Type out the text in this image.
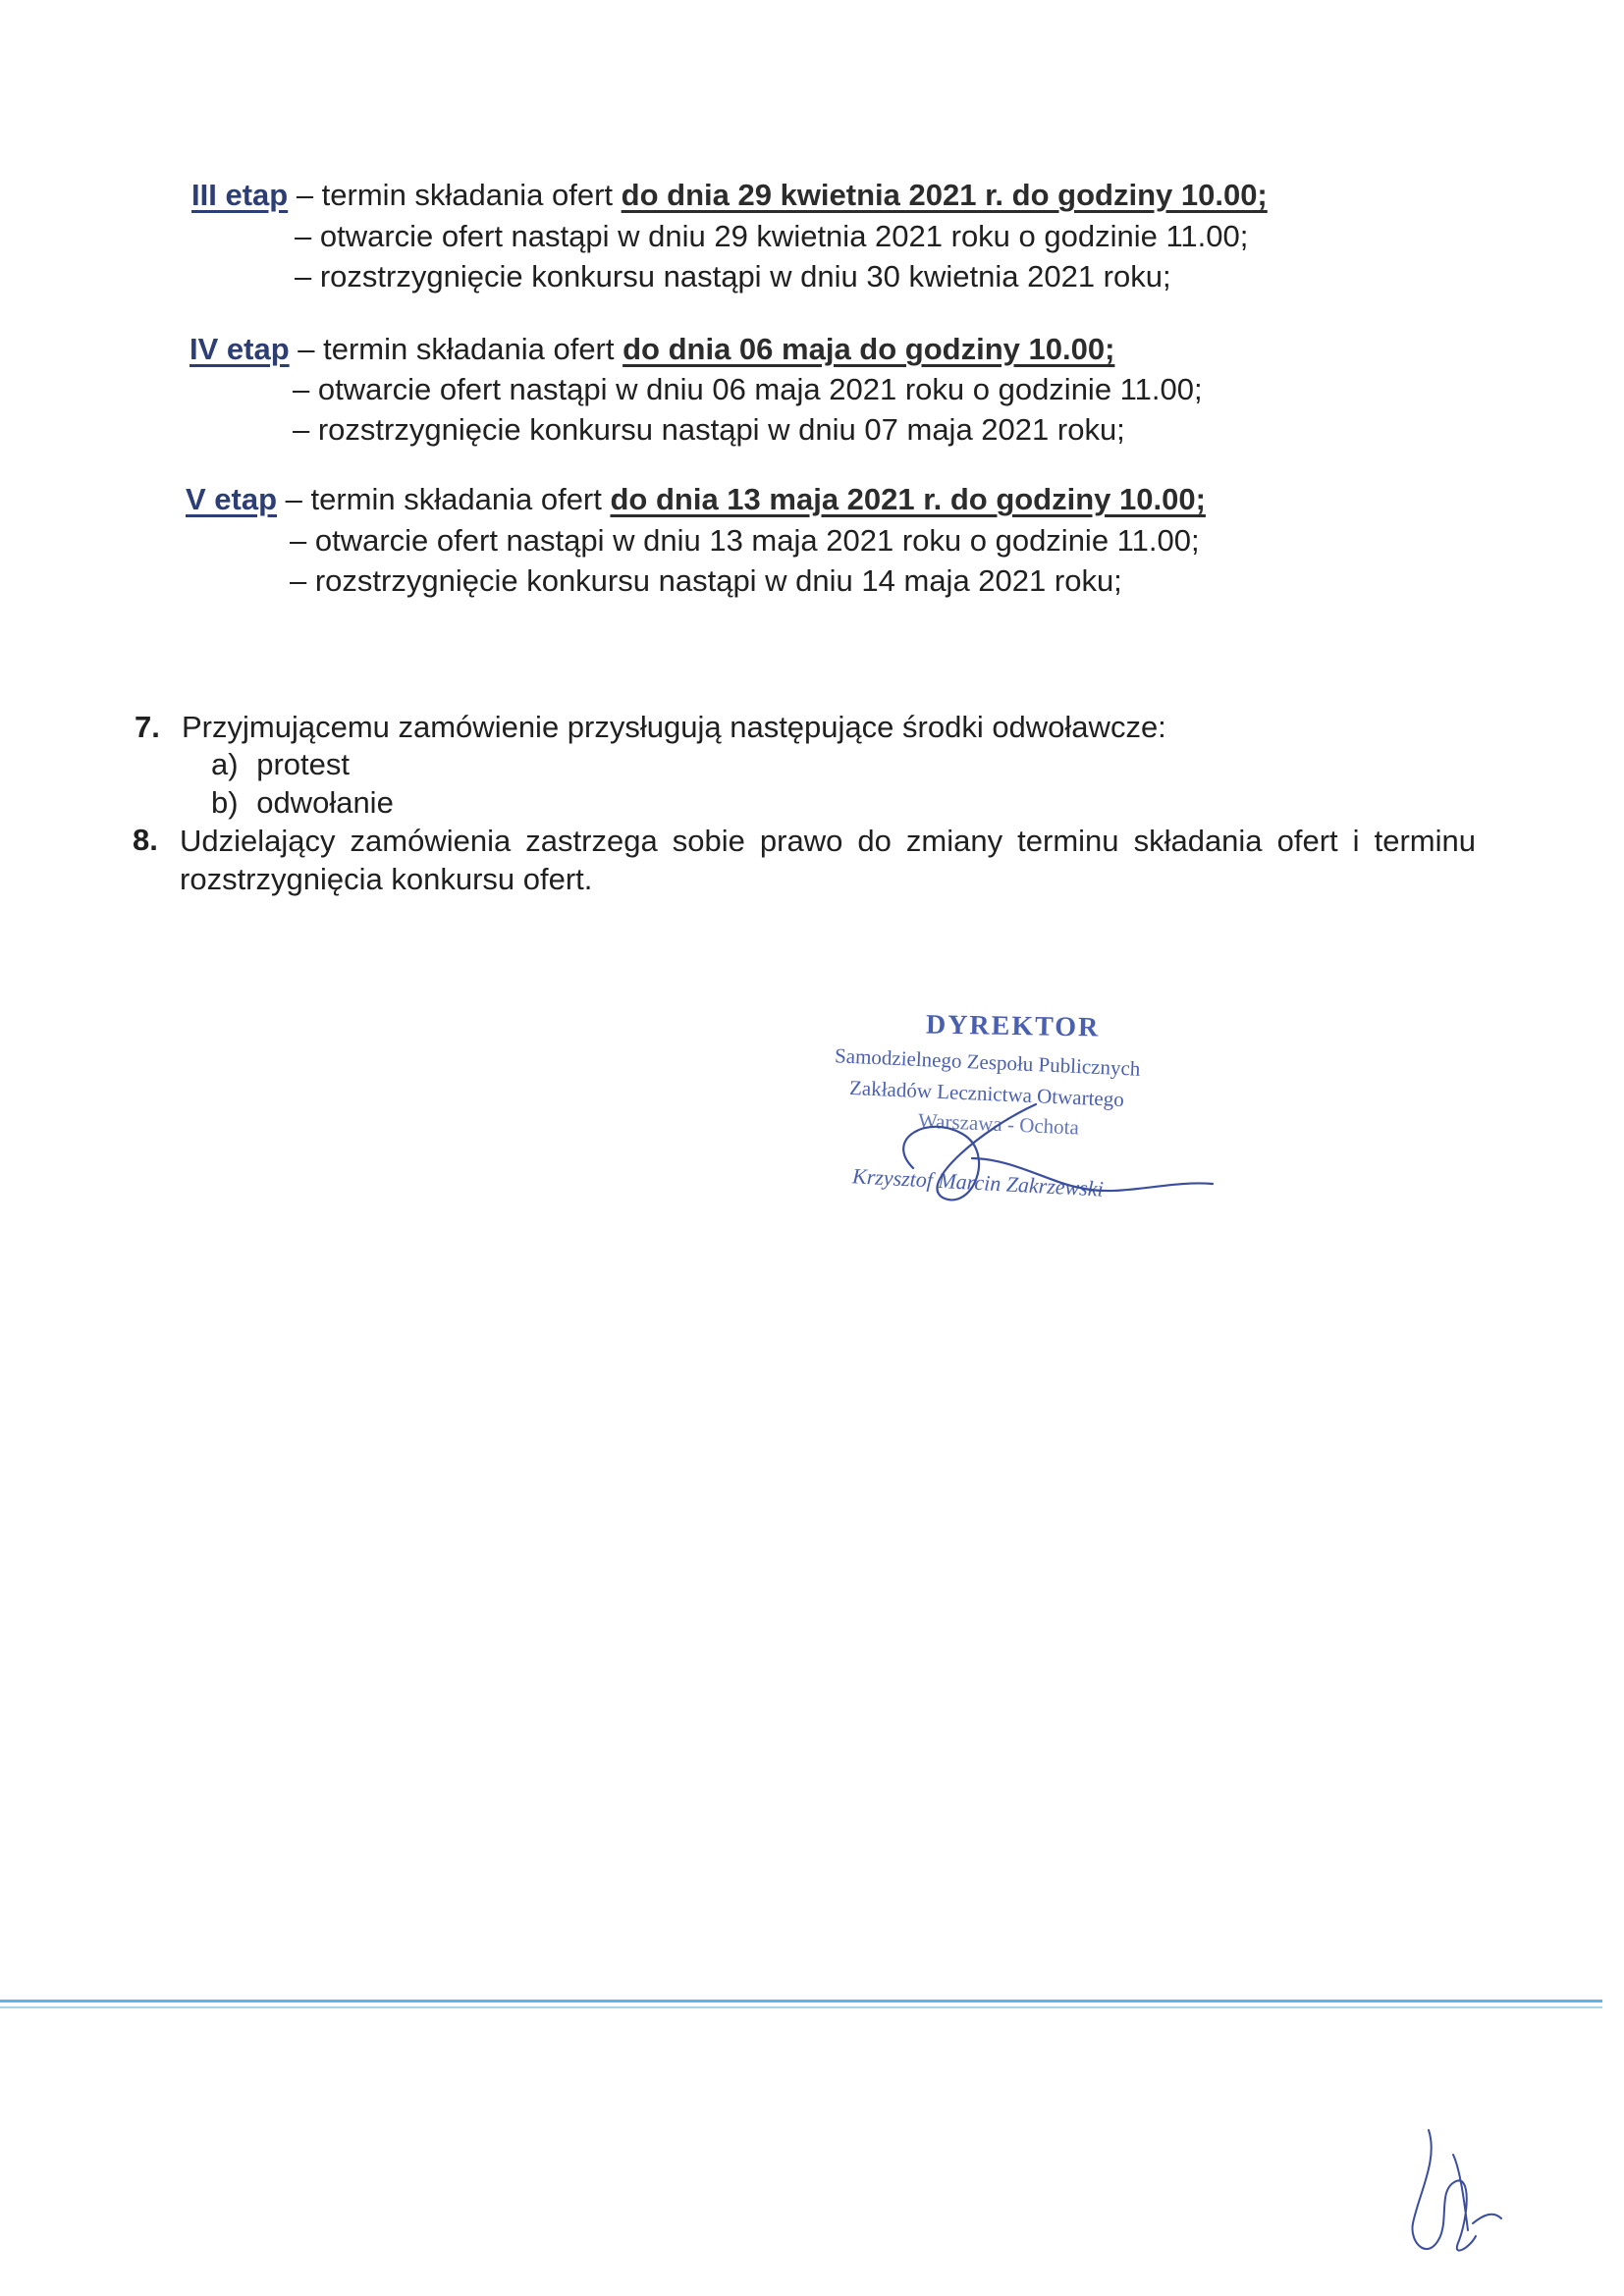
III etap – termin składania ofert do dnia 29 kwietnia 2021 r. do godziny 10.00;
– otwarcie ofert nastąpi w dniu 29 kwietnia 2021 roku o godzinie 11.00;
– rozstrzygnięcie konkursu nastąpi w dniu 30 kwietnia 2021 roku;
IV etap – termin składania ofert do dnia 06 maja do godziny 10.00;
– otwarcie ofert nastąpi w dniu 06 maja 2021 roku o godzinie 11.00;
– rozstrzygnięcie konkursu nastąpi w dniu 07 maja 2021 roku;
V etap – termin składania ofert do dnia 13 maja 2021 r. do godziny 10.00;
– otwarcie ofert nastąpi w dniu 13 maja 2021 roku o godzinie 11.00;
– rozstrzygnięcie konkursu nastąpi w dniu 14 maja 2021 roku;
7. Przyjmującemu zamówienie przysługują następujące środki odwoławcze:
a) protest
b) odwołanie
8. Udzielający zamówienia zastrzega sobie prawo do zmiany terminu składania ofert i terminu rozstrzygnięcia konkursu ofert.
DYREKTOR
Samodzielnego Zespołu Publicznych
Zakładów Lecznictwa Otwartego
Warszawa - Ochota
Krzysztof Marcin Zakrzewski
